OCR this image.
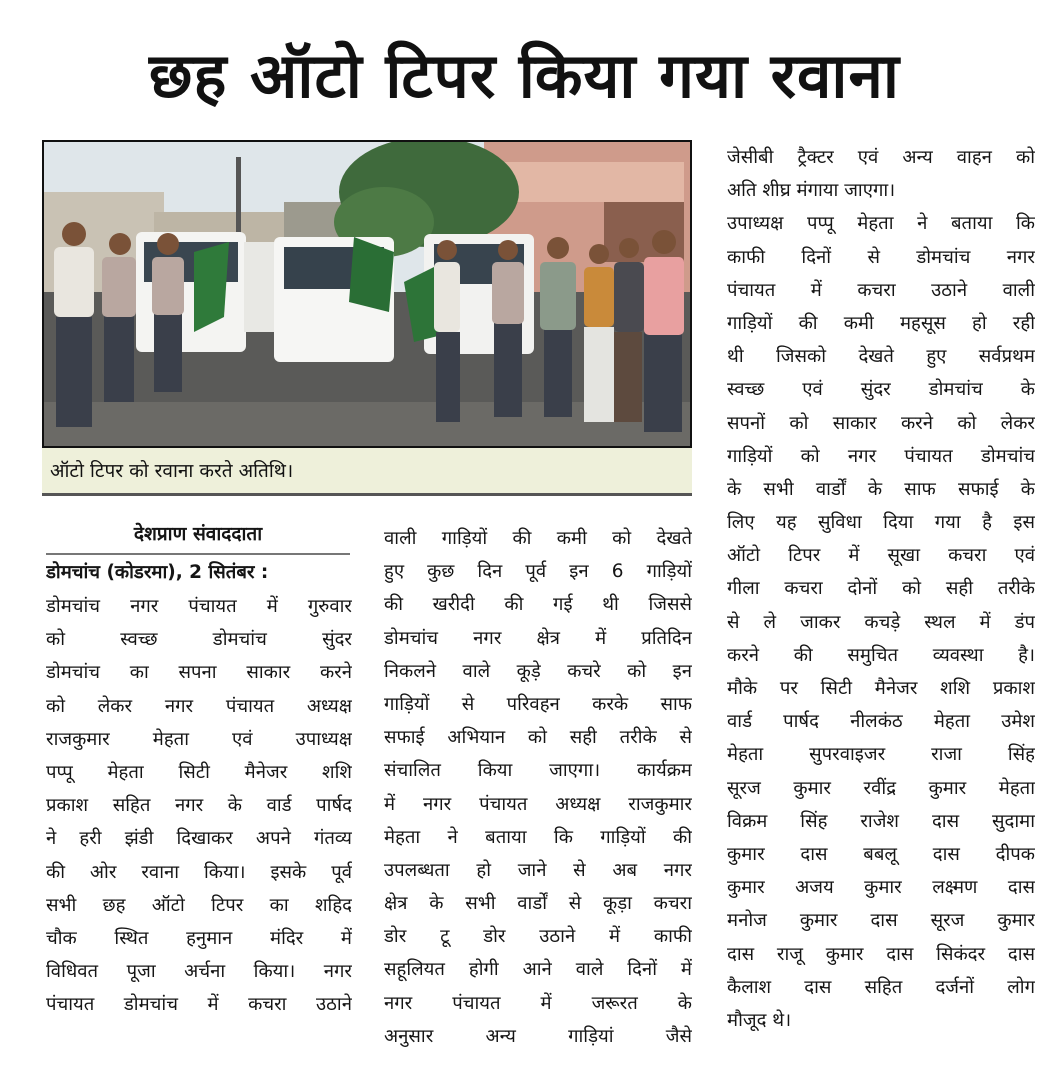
छह ऑटो टिपर किया गया रवाना
ऑटो टिपर को रवाना करते अतिथि।
देशप्राण संवाददाता
डोमचांच (कोडरमा), 2 सितंबर :
डोमचांच नगर पंचायत में गुरुवार
को स्वच्छ डोमचांच सुंदर
डोमचांच का सपना साकार करने
को लेकर नगर पंचायत अध्यक्ष
राजकुमार मेहता एवं उपाध्यक्ष
पप्पू मेहता सिटी मैनेजर शशि
प्रकाश सहित नगर के वार्ड पार्षद
ने हरी झंडी दिखाकर अपने गंतव्य
की ओर रवाना किया। इसके पूर्व
सभी छह ऑटो टिपर का शहिद
चौक स्थित हनुमान मंदिर में
विधिवत पूजा अर्चना किया। नगर
पंचायत डोमचांच में कचरा उठाने
वाली गाड़ियों की कमी को देखते
हुए कुछ दिन पूर्व इन 6 गाड़ियों
की खरीदी की गई थी जिससे
डोमचांच नगर क्षेत्र में प्रतिदिन
निकलने वाले कूड़े कचरे को इन
गाड़ियों से परिवहन करके साफ
सफाई अभियान को सही तरीके से
संचालित किया जाएगा। कार्यक्रम
में नगर पंचायत अध्यक्ष राजकुमार
मेहता ने बताया कि गाड़ियों की
उपलब्धता हो जाने से अब नगर
क्षेत्र के सभी वार्डों से कूड़ा कचरा
डोर टू डोर उठाने में काफी
सहूलियत होगी आने वाले दिनों में
नगर पंचायत में जरूरत के
अनुसार अन्य गाड़ियां जैसे
जेसीबी ट्रैक्टर एवं अन्य वाहन को
अति शीघ्र मंगाया जाएगा।
उपाध्यक्ष पप्पू मेहता ने बताया कि
काफी दिनों से डोमचांच नगर
पंचायत में कचरा उठाने वाली
गाड़ियों की कमी महसूस हो रही
थी जिसको देखते हुए सर्वप्रथम
स्वच्छ एवं सुंदर डोमचांच के
सपनों को साकार करने को लेकर
गाड़ियों को नगर पंचायत डोमचांच
के सभी वार्डों के साफ सफाई के
लिए यह सुविधा दिया गया है इस
ऑटो टिपर में सूखा कचरा एवं
गीला कचरा दोनों को सही तरीके
से ले जाकर कचड़े स्थल में डंप
करने की समुचित व्यवस्था है।
मौके पर सिटी मैनेजर शशि प्रकाश
वार्ड पार्षद नीलकंठ मेहता उमेश
मेहता सुपरवाइजर राजा सिंह
सूरज कुमार रवींद्र कुमार मेहता
विक्रम सिंह राजेश दास सुदामा
कुमार दास बबलू दास दीपक
कुमार अजय कुमार लक्ष्मण दास
मनोज कुमार दास सूरज कुमार
दास राजू कुमार दास सिकंदर दास
कैलाश दास सहित दर्जनों लोग
मौजूद थे।
